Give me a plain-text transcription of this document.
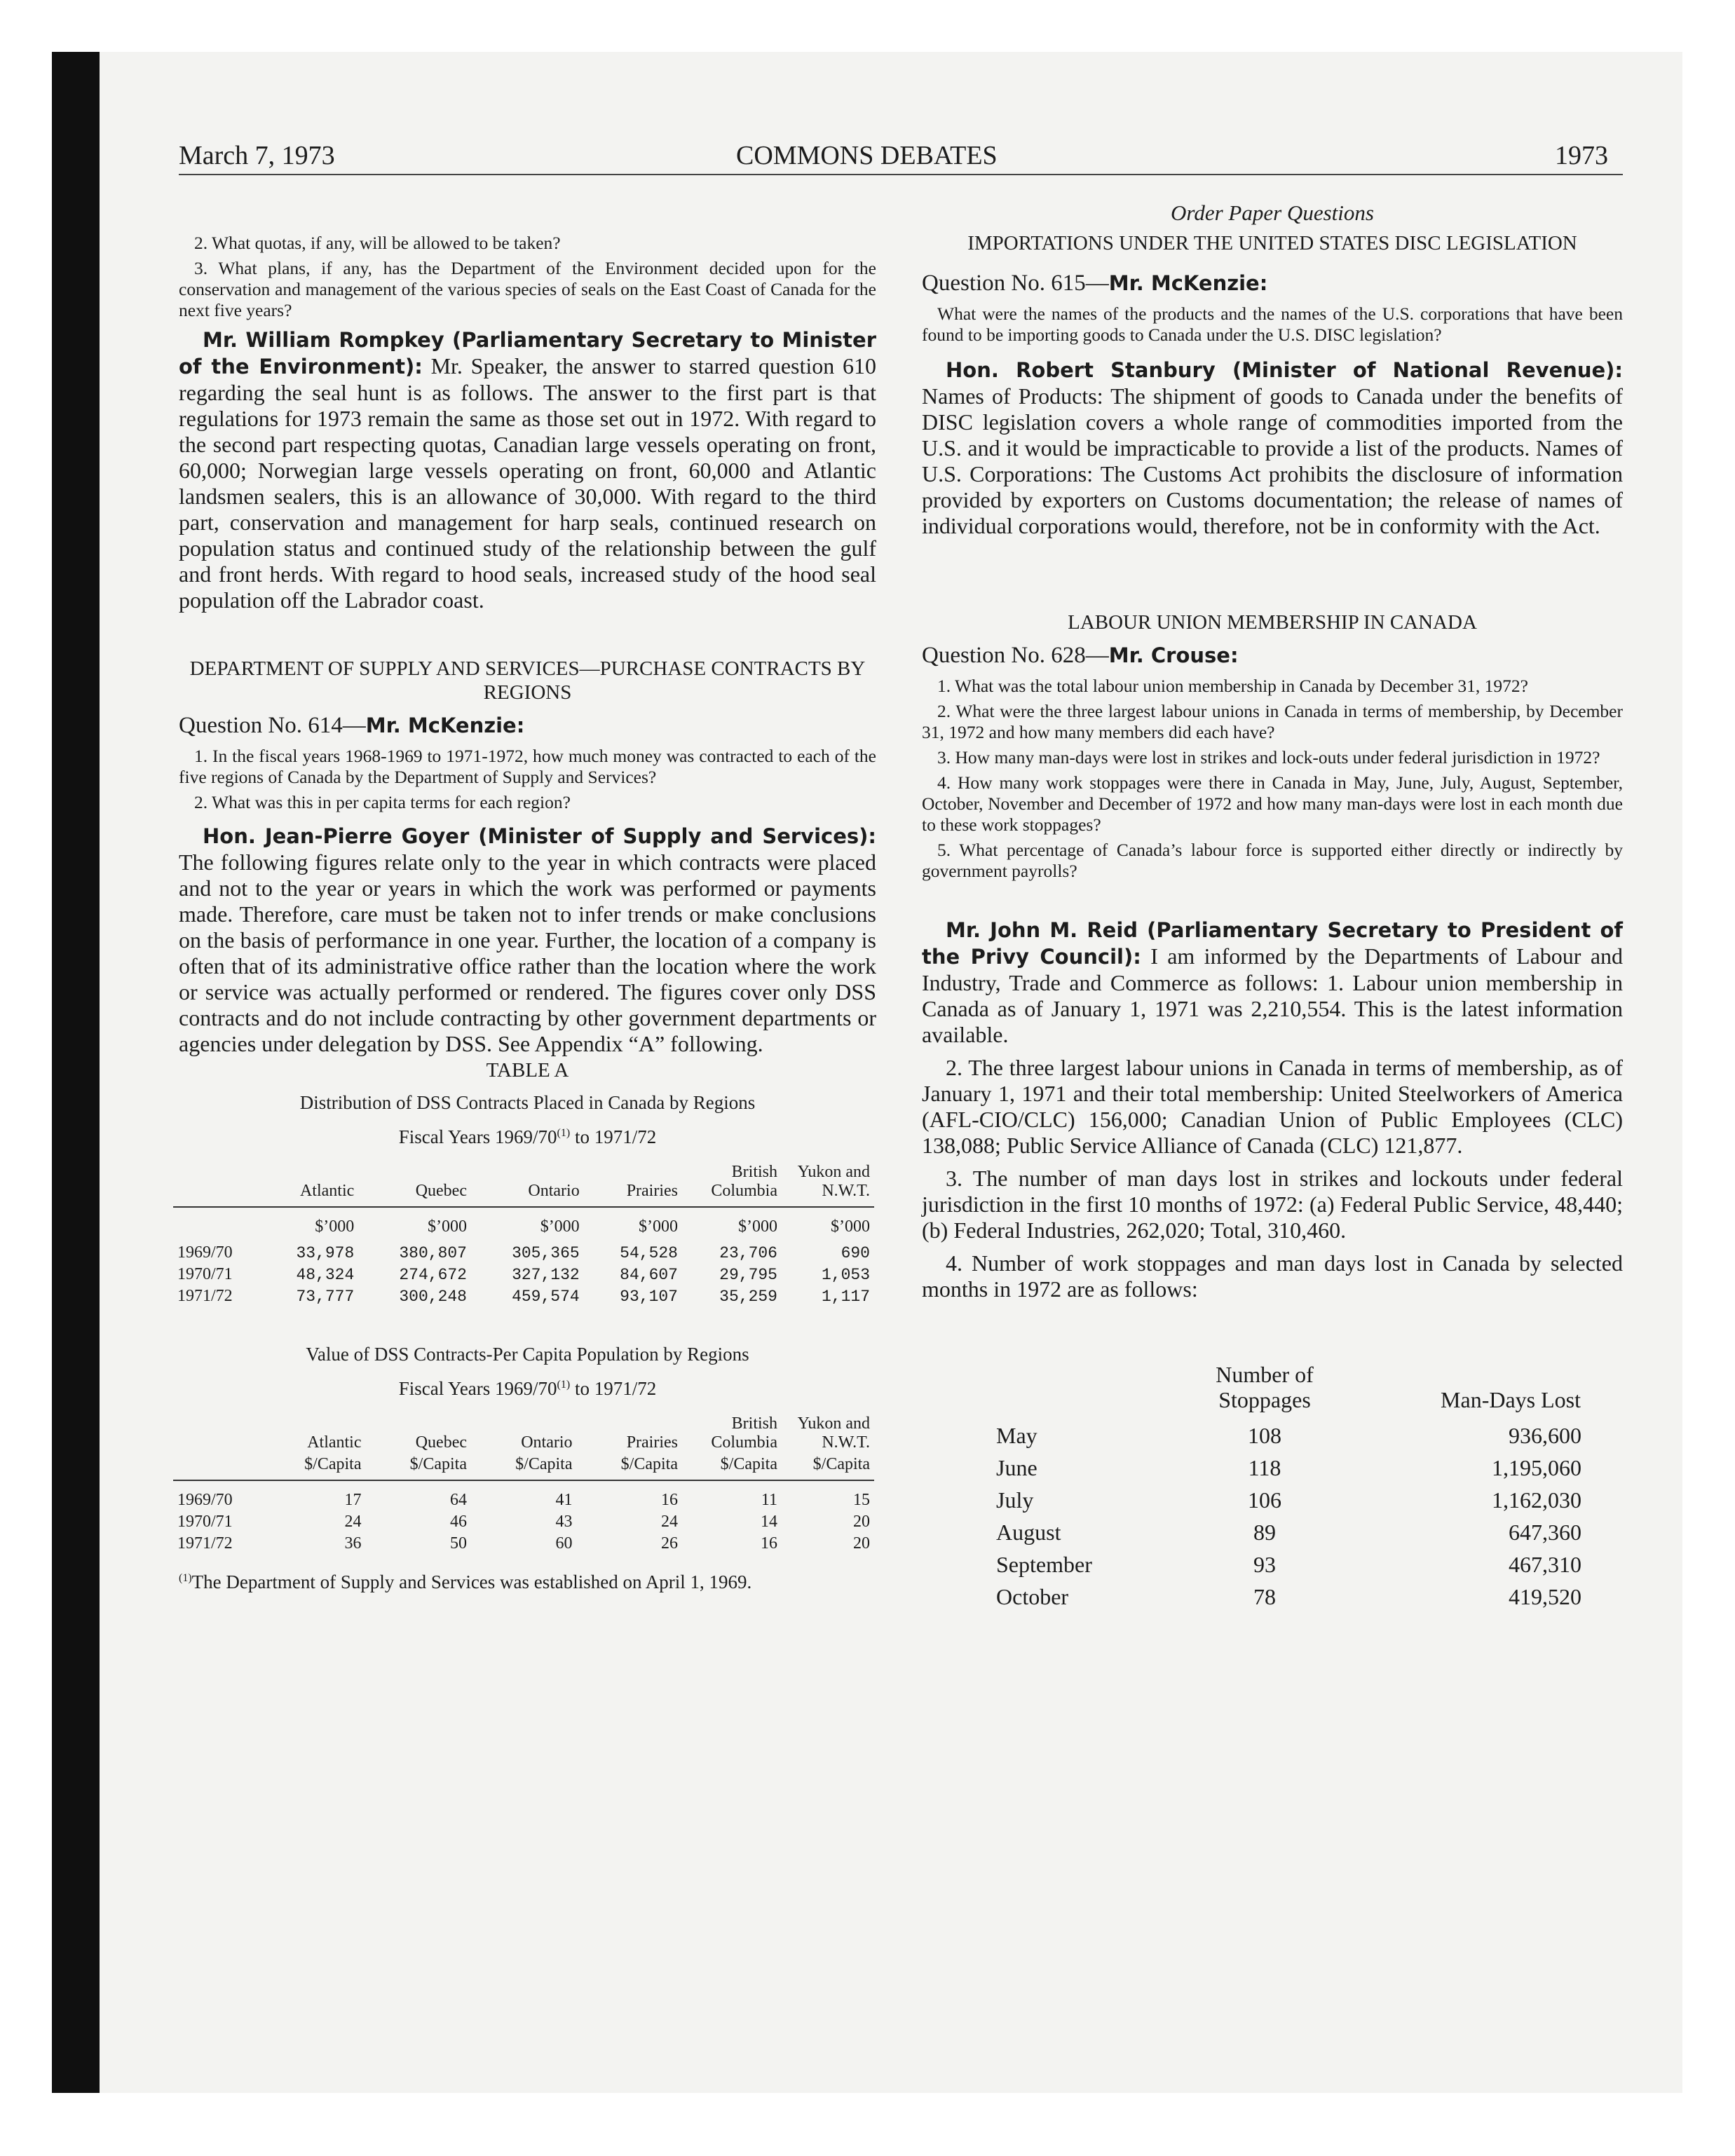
March 7, 1973	COMMONS DEBATES	1973

2. What quotas, if any, will be allowed to be taken?

3. What plans, if any, has the Department of the Environment decided upon for the conservation and management of the various species of seals on the East Coast of Canada for the next five years?

Mr. William Rompkey (Parliamentary Secretary to Minister of the Environment): Mr. Speaker, the answer to starred question 610 regarding the seal hunt is as follows. The answer to the first part is that regulations for 1973 remain the same as those set out in 1972. With regard to the second part respecting quotas, Canadian large vessels operating on front, 60,000; Norwegian large vessels operating on front, 60,000 and Atlantic landsmen sealers, this is an allowance of 30,000. With regard to the third part, conservation and management for harp seals, continued research on population status and continued study of the relationship between the gulf and front herds. With regard to hood seals, increased study of the hood seal population off the Labrador coast.

DEPARTMENT OF SUPPLY AND SERVICES—PURCHASE CONTRACTS BY REGIONS
Question No. 614—Mr. McKenzie:

1. In the fiscal years 1968-1969 to 1971-1972, how much money was contracted to each of the five regions of Canada by the Department of Supply and Services?

2. What was this in per capita terms for each region?

Hon. Jean-Pierre Goyer (Minister of Supply and Services): The following figures relate only to the year in which contracts were placed and not to the year or years in which the work was performed or payments made. Therefore, care must be taken not to infer trends or make conclusions on the basis of performance in one year. Further, the location of a company is often that of its administrative office rather than the location where the work or service was actually performed or rendered. The figures cover only DSS contracts and do not include contracting by other government departments or agencies under delegation by DSS. See Appendix “A” following.

TABLE A
Distribution of DSS Contracts Placed in Canada by Regions
Fiscal Years 1969/70$^{(1)}$ to 1971/72
	Atlantic	Quebec	Ontario	Prairies	British Columbia	Yukon and N.W.T.
	$’000	$’000	$’000	$’000	$’000	$’000
1969/70	33,978	380,807	305,365	54,528	23,706	690
1970/71	48,324	274,672	327,132	84,607	29,795	1,053
1971/72	73,777	300,248	459,574	93,107	35,259	1,117
Value of DSS Contracts-Per Capita Population by Regions
Fiscal Years 1969/70$^{(1)}$ to 1971/72
	Atlantic	Quebec	Ontario	Prairies	British Columbia	Yukon and N.W.T.
	$/Capita	$/Capita	$/Capita	$/Capita	$/Capita	$/Capita
1969/70	17	64	41	16	11	15
1970/71	24	46	43	24	14	20
1971/72	36	50	60	26	16	20
$^{(1)}$The Department of Supply and Services was established on April 1, 1969.
Order Paper Questions
IMPORTATIONS UNDER THE UNITED STATES DISC LEGISLATION
Question No. 615—Mr. McKenzie:

What were the names of the products and the names of the U.S. corporations that have been found to be importing goods to Canada under the U.S. DISC legislation?

Hon. Robert Stanbury (Minister of National Revenue): Names of Products: The shipment of goods to Canada under the benefits of DISC legislation covers a whole range of commodities imported from the U.S. and it would be impracticable to provide a list of the products. Names of U.S. Corporations: The Customs Act prohibits the disclosure of information provided by exporters on Customs documentation; the release of names of individual corporations would, therefore, not be in conformity with the Act.

LABOUR UNION MEMBERSHIP IN CANADA
Question No. 628—Mr. Crouse:

1. What was the total labour union membership in Canada by December 31, 1972?

2. What were the three largest labour unions in Canada in terms of membership, by December 31, 1972 and how many members did each have?

3. How many man-days were lost in strikes and lock-outs under federal jurisdiction in 1972?

4. How many work stoppages were there in Canada in May, June, July, August, September, October, November and December of 1972 and how many man-days were lost in each month due to these work stoppages?

5. What percentage of Canada’s labour force is supported either directly or indirectly by government payrolls?

Mr. John M. Reid (Parliamentary Secretary to President of the Privy Council): I am informed by the Departments of Labour and Industry, Trade and Commerce as follows: 1. Labour union membership in Canada as of January 1, 1971 was 2,210,554. This is the latest information available.

2. The three largest labour unions in Canada in terms of membership, as of January 1, 1971 and their total membership: United Steelworkers of America (AFL-CIO/CLC) 156,000; Canadian Union of Public Employees (CLC) 138,088; Public Service Alliance of Canada (CLC) 121,877.

3. The number of man days lost in strikes and lockouts under federal jurisdiction in the first 10 months of 1972: (a) Federal Public Service, 48,440; (b) Federal Industries, 262,020; Total, 310,460.

4. Number of work stoppages and man days lost in Canada by selected months in 1972 are as follows:

	Number of Stoppages	Man-Days Lost
May	108	936,600
June	118	1,195,060
July	106	1,162,030
August	89	647,360
September	93	467,310
October	78	419,520
